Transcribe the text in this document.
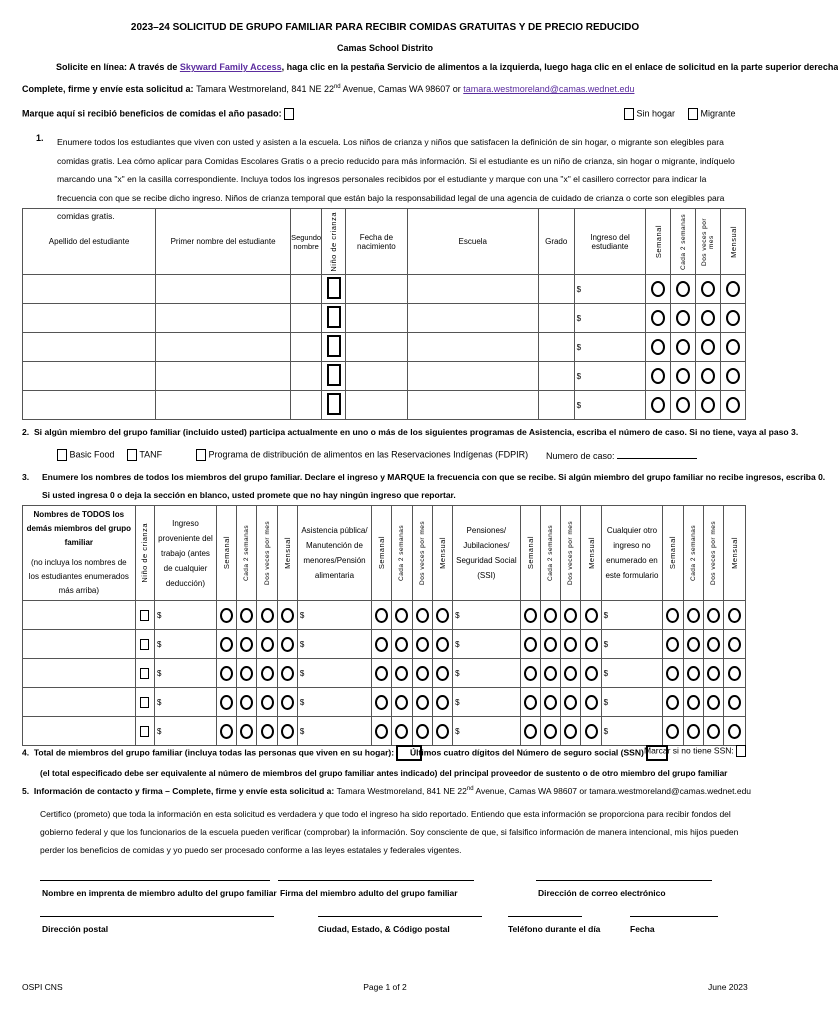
2023–24 SOLICITUD DE GRUPO FAMILIAR PARA RECIBIR COMIDAS GRATUITAS Y DE PRECIO REDUCIDO
Camas School Distrito
Solicite en línea: A través de Skyward Family Access, haga clic en la pestaña Servicio de alimentos a la izquierda, luego haga clic en el enlace de solicitud en la parte superior derecha
Complete, firme y envíe esta solicitud a: Tamara Westmoreland, 841 NE 22nd Avenue, Camas WA 98607 or tamara.westmoreland@camas.wednet.edu
Marque aquí si recibió beneficios de comidas el año pasado:	Sin hogar	Migrante
1. Enumere todos los estudiantes que viven con usted y asisten a la escuela. Los niños de crianza y niños que satisfacen la definición de sin hogar, o migrante son elegibles para comidas gratis. Lea cómo aplicar para Comidas Escolares Gratis o a precio reducido para más información. Si el estudiante es un niño de crianza, sin hogar o migrante, indíquelo marcando una "x" en la casilla correspondiente. Incluya todos los ingresos personales recibidos por el estudiante y marque con una "x" el casillero corrector para indicar la frecuencia con que se recibe dicho ingreso. Niños de crianza temporal que están bajo la responsabilidad legal de una agencia de cuidado de crianza o corte son elegibles para comidas gratis.
Apellido del estudiante	Primer nombre del estudiante	Segundo nombre	Niño de crianza	Fecha de nacimiento	Escuela	Grado	Ingreso del estudiante	Semanal	Cada 2 semanas	Dos veces por mes	Mensual

							$				
							$				
							$				
							$				
							$				
2. Si algún miembro del grupo familiar (incluido usted) participa actualmente en uno o más de los siguientes programas de Asistencia, escriba el número de caso. Si no tiene, vaya al paso 3.
Basic Food	TANF	Programa de distribución de alimentos en las Reservaciones Indígenas (FDPIR) Numero de caso:
3. Enumere los nombres de todos los miembros del grupo familiar. Declare el ingreso y MARQUE la frecuencia con que se recibe. Si algún miembro del grupo familiar no recibe ingresos, escriba 0.
Si usted ingresa 0 o deja la sección en blanco, usted promete que no hay ningún ingreso que reportar.
Nombres de TODOS los demás miembros del grupo familiar
(no incluya los nombres de los estudiantes enumerados más arriba)	Niño de crianza	Ingreso proveniente del trabajo (antes de cualquier deducción)	Semanal	Cada 2 semanas	Dos veces por mes	Mensual	Asistencia pública/ Manutención de menores/Pensión alimentaria	Semanal	Cada 2 semanas	Dos veces por mes	Mensual	Pensiones/ Jubilaciones/ Seguridad Social (SSI)	Semanal	Cada 2 semanas	Dos veces por mes	Mensual	Cualquier otro ingreso no enumerado en este formulario	Semanal	Cada 2 semanas	Dos veces por mes	Mensual

		$					$					$					$				
		$					$					$					$				
		$					$					$					$				
		$					$					$					$				
		$					$					$					$				
4. Total de miembros del grupo familiar (incluya todas las personas que viven en su hogar):	Últimos cuatro dígitos del Número de seguro social (SSN) Marcar si no tiene SSN:
(el total especificado debe ser equivalente al número de miembros del grupo familiar antes indicado) del principal proveedor de sustento o de otro miembro del grupo familiar
5. Información de contacto y firma – Complete, firme y envíe esta solicitud a: Tamara Westmoreland, 841 NE 22nd Avenue, Camas WA 98607 or tamara.westmoreland@camas.wednet.edu
Certifico (prometo) que toda la información en esta solicitud es verdadera y que todo el ingreso ha sido reportado. Entiendo que esta información se proporciona para recibir fondos del gobierno federal y que los funcionarios de la escuela pueden verificar (comprobar) la información. Soy consciente de que, si falsifico información de manera intencional, mis hijos pueden perder los beneficios de comidas y yo puedo ser procesado conforme a las leyes estatales y federales vigentes.
Nombre en imprenta de miembro adulto del grupo familiar Firma del miembro adulto del grupo familiar	Dirección de correo electrónico
Dirección postal	Ciudad, Estado, & Código postal	Teléfono durante el día	Fecha
OSPI CNS	Page 1 of 2	June 2023
